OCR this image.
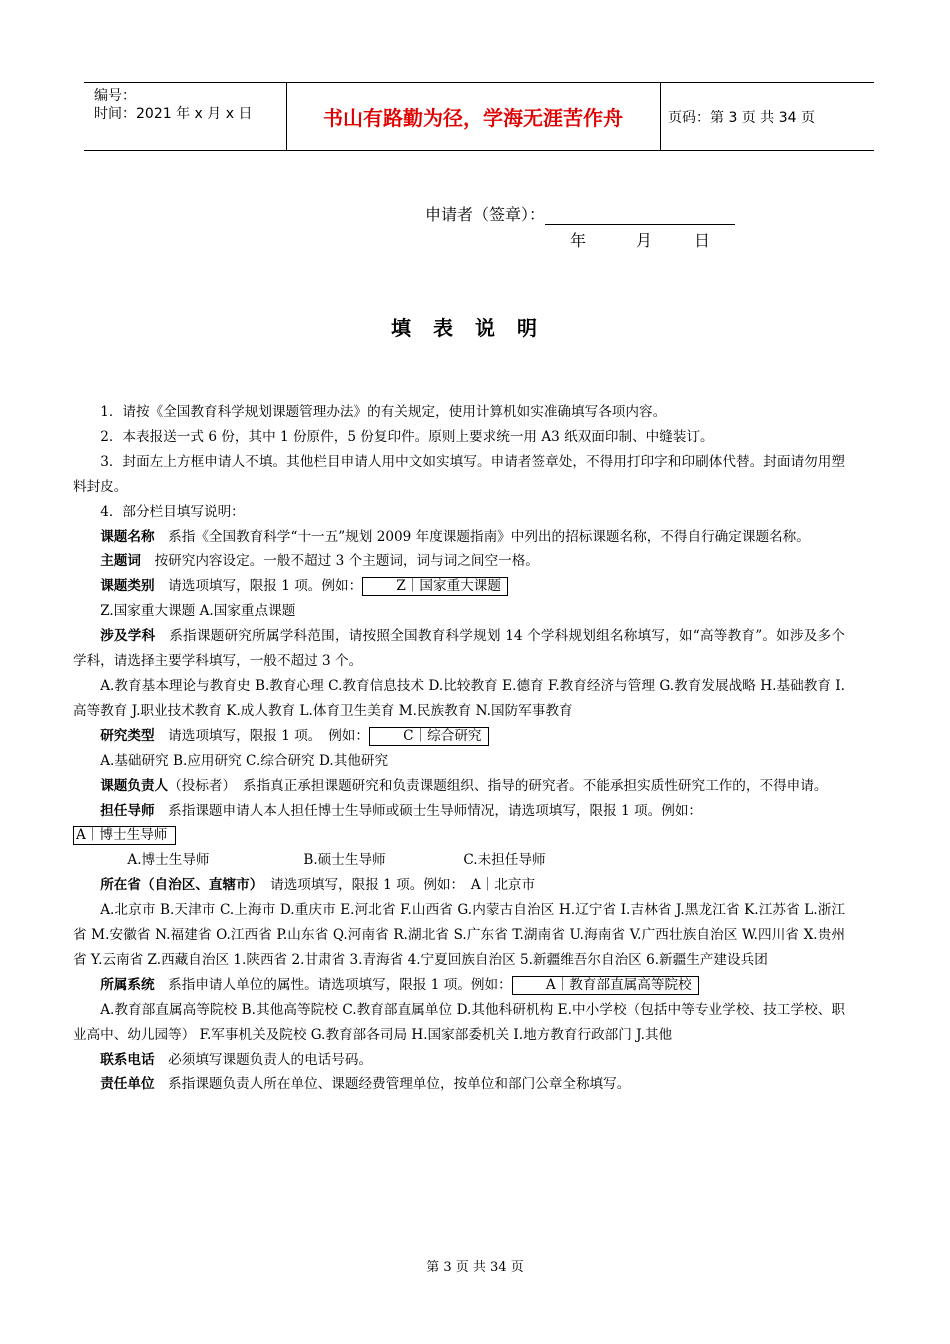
编号：
时间：2021 年 x 月 x 日	书山有路勤为径，学海无涯苦作舟	页码：第 3 页 共 34 页
申请者（签章）：
年	月	日
填表说明

1．请按《全国教育科学规划课题管理办法》的有关规定，使用计算机如实准确填写各项内容。

2．本表报送一式 6 份，其中 1 份原件，5 份复印件。原则上要求统一用 A3 纸双面印制、中缝装订。

3．封面左上方框申请人不填。其他栏目申请人用中文如实填写。申请者签章处，不得用打印字和印刷体代替。封面请勿用塑料封皮。

4．部分栏目填写说明：

课题名称　 系指《全国教育科学“十一五”规划 2009 年度课题指南》中列出的招标课题名称，不得自行确定课题名称。

主题词　 按研究内容设定。一般不超过 3 个主题词，词与词之间空一格。

课题类别　 请选项填写，限报 1 项。例如：	Z｜国家重大课题

Z.国家重大课题 A.国家重点课题

涉及学科　 系指课题研究所属学科范围，请按照全国教育科学规划 14 个学科规划组名称填写，如“高等教育”。如涉及多个学科，请选择主要学科填写，一般不超过 3 个。

A.教育基本理论与教育史 B.教育心理 C.教育信息技术 D.比较教育 E.德育 F.教育经济与管理 G.教育发展战略 H.基础教育 I.高等教育 J.职业技术教育 K.成人教育 L.体育卫生美育 M.民族教育 N.国防军事教育

研究类型　 请选项填写，限报 1 项。　 例如：	C｜综合研究

A.基础研究 B.应用研究 C.综合研究 D.其他研究

课题负责人（投标者）　 系指真正承担课题研究和负责课题组织、指导的研究者。不能承担实质性研究工作的，不得申请。

担任导师　 系指课题申请人本人担任博士生导师或硕士生导师情况，请选项填写，限报 1 项。例如：

A｜博士生导师

A.博士生导师	B.硕士生导师	C.未担任导师

所在省（自治区、直辖市）　 请选项填写，限报 1 项。例如：　 A｜北京市

A.北京市 B.天津市 C.上海市 D.重庆市 E.河北省 F.山西省 G.内蒙古自治区 H.辽宁省 I.吉林省 J.黑龙江省 K.江苏省 L.浙江省 M.安徽省 N.福建省 O.江西省 P.山东省 Q.河南省 R.湖北省 S.广东省 T.湖南省 U.海南省 V.广西壮族自治区 W.四川省 X.贵州省 Y.云南省 Z.西藏自治区 1.陕西省 2.甘肃省 3.青海省 4.宁夏回族自治区 5.新疆维吾尔自治区 6.新疆生产建设兵团

所属系统　 系指申请人单位的属性。请选项填写，限报 1 项。例如：	A｜教育部直属高等院校

A.教育部直属高等院校 B.其他高等院校 C.教育部直属单位 D.其他科研机构 E.中小学校（包括中等专业学校、技工学校、职业高中、幼儿园等） F.军事机关及院校 G.教育部各司局 H.国家部委机关 I.地方教育行政部门 J.其他

联系电话　 必须填写课题负责人的电话号码。

责任单位　 系指课题负责人所在单位、课题经费管理单位，按单位和部门公章全称填写。

第 3 页 共 34 页
